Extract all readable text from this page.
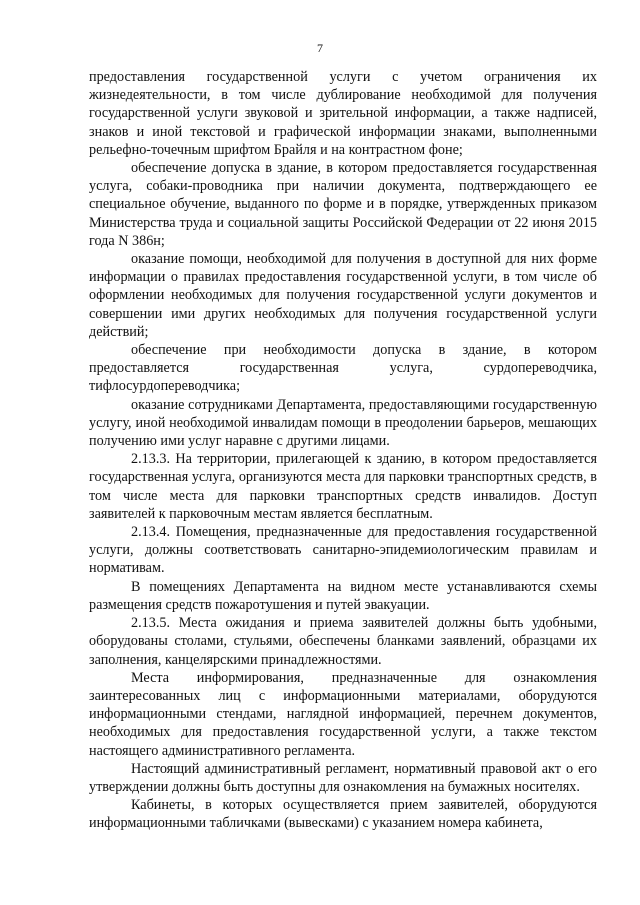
7

предоставления государственной услуги с учетом ограничения их жизнедеятельности, в том числе дублирование необходимой для получения государственной услуги звуковой и зрительной информации, а также надписей, знаков и иной текстовой и графической информации знаками, выполненными рельефно-точечным шрифтом Брайля и на контрастном фоне;

обеспечение допуска в здание, в котором предоставляется государственная услуга, собаки-проводника при наличии документа, подтверждающего ее специальное обучение, выданного по форме и в порядке, утвержденных приказом Министерства труда и социальной защиты Российской Федерации от 22 июня 2015 года N 386н;

оказание помощи, необходимой для получения в доступной для них форме информации о правилах предоставления государственной услуги, в том числе об оформлении необходимых для получения государственной услуги документов и совершении ими других необходимых для получения государственной услуги действий;

обеспечение при необходимости допуска в здание, в котором предоставляется государственная услуга, сурдопереводчика, тифлосурдопереводчика;

оказание сотрудниками Департамента, предоставляющими государственную услугу, иной необходимой инвалидам помощи в преодолении барьеров, мешающих получению ими услуг наравне с другими лицами.

2.13.3. На территории, прилегающей к зданию, в котором предоставляется государственная услуга, организуются места для парковки транспортных средств, в том числе места для парковки транспортных средств инвалидов. Доступ заявителей к парковочным местам является бесплатным.

2.13.4. Помещения, предназначенные для предоставления государственной услуги, должны соответствовать санитарно-эпидемиологическим правилам и нормативам.

В помещениях Департамента на видном месте устанавливаются схемы размещения средств пожаротушения и путей эвакуации.

2.13.5. Места ожидания и приема заявителей должны быть удобными, оборудованы столами, стульями, обеспечены бланками заявлений, образцами их заполнения, канцелярскими принадлежностями.

Места информирования, предназначенные для ознакомления заинтересованных лиц с информационными материалами, оборудуются информационными стендами, наглядной информацией, перечнем документов, необходимых для предоставления государственной услуги, а также текстом настоящего административного регламента.

Настоящий административный регламент, нормативный правовой акт о его утверждении должны быть доступны для ознакомления на бумажных носителях.

Кабинеты, в которых осуществляется прием заявителей, оборудуются информационными табличками (вывесками) с указанием номера кабинета,
